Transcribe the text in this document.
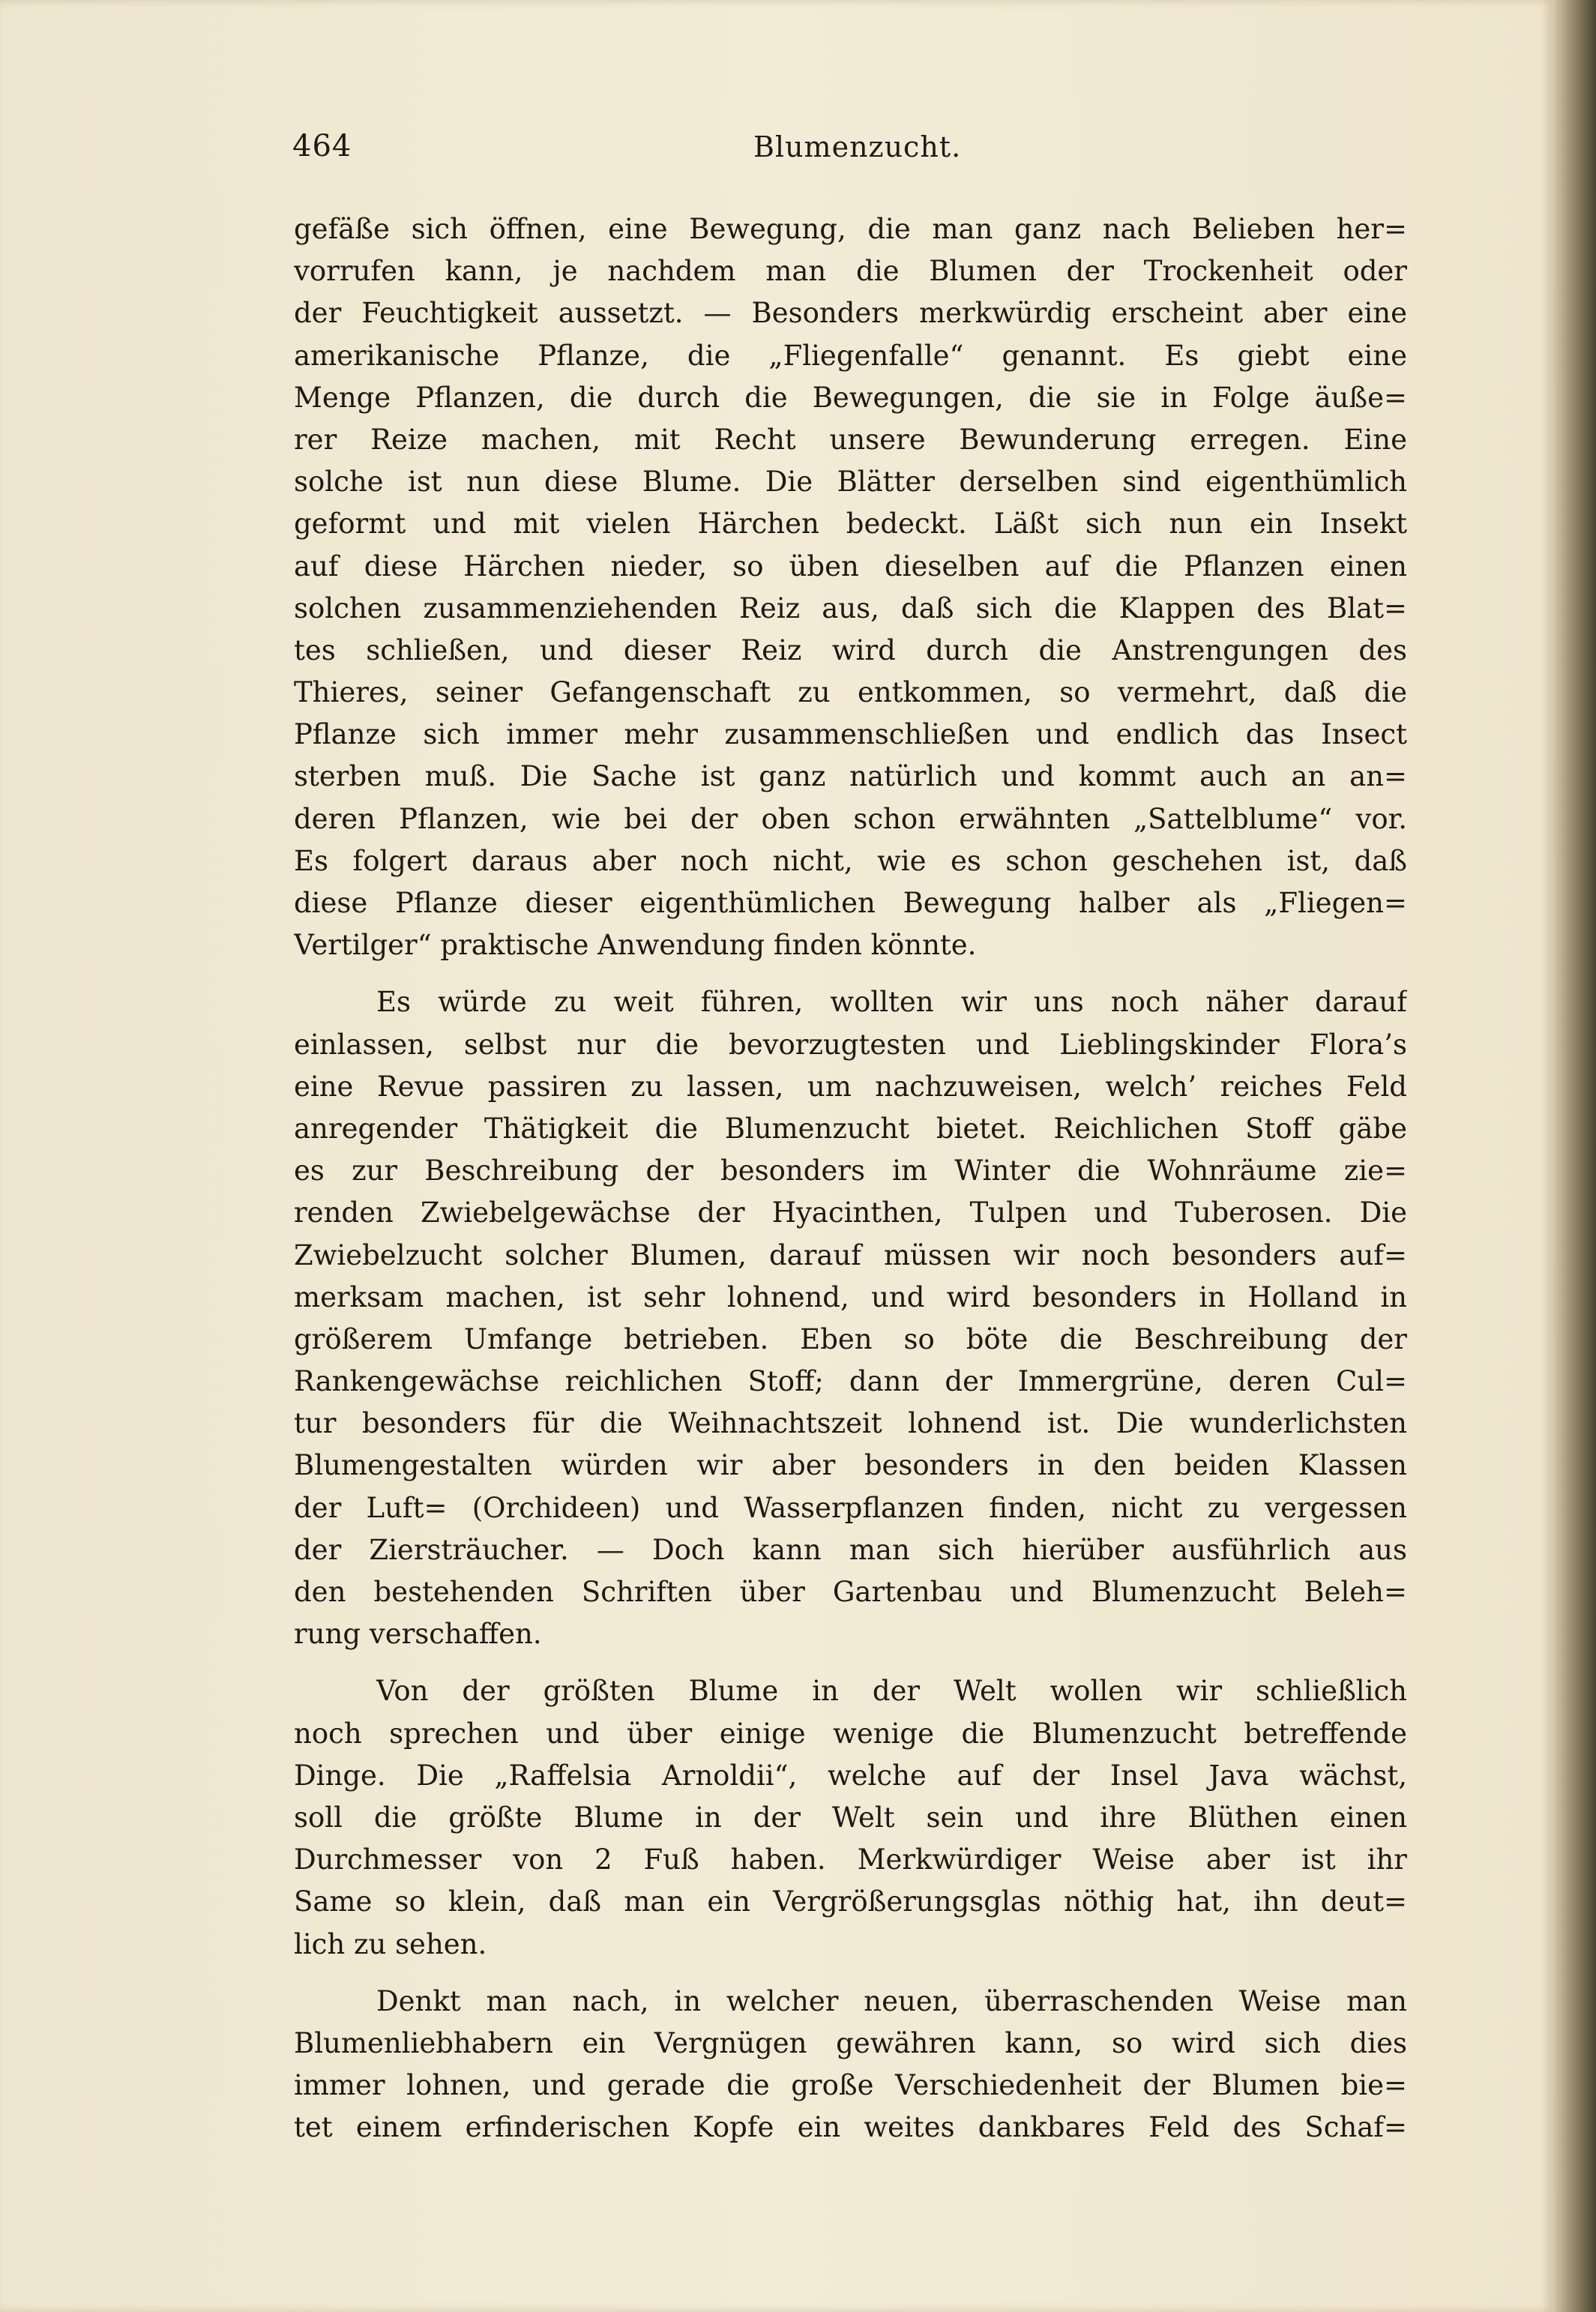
464	Blumenzucht.
gefäße sich öffnen, eine Bewegung, die man ganz nach Belieben her=
vorrufen kann, je nachdem man die Blumen der Trockenheit oder
der Feuchtigkeit aussetzt. — Besonders merkwürdig erscheint aber eine
amerikanische Pflanze, die „Fliegenfalle“ genannt. Es giebt eine
Menge Pflanzen, die durch die Bewegungen, die sie in Folge äuße=
rer Reize machen, mit Recht unsere Bewunderung erregen. Eine
solche ist nun diese Blume. Die Blätter derselben sind eigenthümlich
geformt und mit vielen Härchen bedeckt. Läßt sich nun ein Insekt
auf diese Härchen nieder, so üben dieselben auf die Pflanzen einen
solchen zusammenziehenden Reiz aus, daß sich die Klappen des Blat=
tes schließen, und dieser Reiz wird durch die Anstrengungen des
Thieres, seiner Gefangenschaft zu entkommen, so vermehrt, daß die
Pflanze sich immer mehr zusammenschließen und endlich das Insect
sterben muß. Die Sache ist ganz natürlich und kommt auch an an=
deren Pflanzen, wie bei der oben schon erwähnten „Sattelblume“ vor.
Es folgert daraus aber noch nicht, wie es schon geschehen ist, daß
diese Pflanze dieser eigenthümlichen Bewegung halber als „Fliegen=
Vertilger“ praktische Anwendung finden könnte.
Es würde zu weit führen, wollten wir uns noch näher darauf
einlassen, selbst nur die bevorzugtesten und Lieblingskinder Flora’s
eine Revue passiren zu lassen, um nachzuweisen, welch’ reiches Feld
anregender Thätigkeit die Blumenzucht bietet. Reichlichen Stoff gäbe
es zur Beschreibung der besonders im Winter die Wohnräume zie=
renden Zwiebelgewächse der Hyacinthen, Tulpen und Tuberosen. Die
Zwiebelzucht solcher Blumen, darauf müssen wir noch besonders auf=
merksam machen, ist sehr lohnend, und wird besonders in Holland in
größerem Umfange betrieben. Eben so böte die Beschreibung der
Rankengewächse reichlichen Stoff; dann der Immergrüne, deren Cul=
tur besonders für die Weihnachtszeit lohnend ist. Die wunderlichsten
Blumengestalten würden wir aber besonders in den beiden Klassen
der Luft= (Orchideen) und Wasserpflanzen finden, nicht zu vergessen
der Ziersträucher. — Doch kann man sich hierüber ausführlich aus
den bestehenden Schriften über Gartenbau und Blumenzucht Beleh=
rung verschaffen.
Von der größten Blume in der Welt wollen wir schließlich
noch sprechen und über einige wenige die Blumenzucht betreffende
Dinge. Die „Raffelsia Arnoldii“, welche auf der Insel Java wächst,
soll die größte Blume in der Welt sein und ihre Blüthen einen
Durchmesser von 2 Fuß haben. Merkwürdiger Weise aber ist ihr
Same so klein, daß man ein Vergrößerungsglas nöthig hat, ihn deut=
lich zu sehen.
Denkt man nach, in welcher neuen, überraschenden Weise man
Blumenliebhabern ein Vergnügen gewähren kann, so wird sich dies
immer lohnen, und gerade die große Verschiedenheit der Blumen bie=
tet einem erfinderischen Kopfe ein weites dankbares Feld des Schaf=
